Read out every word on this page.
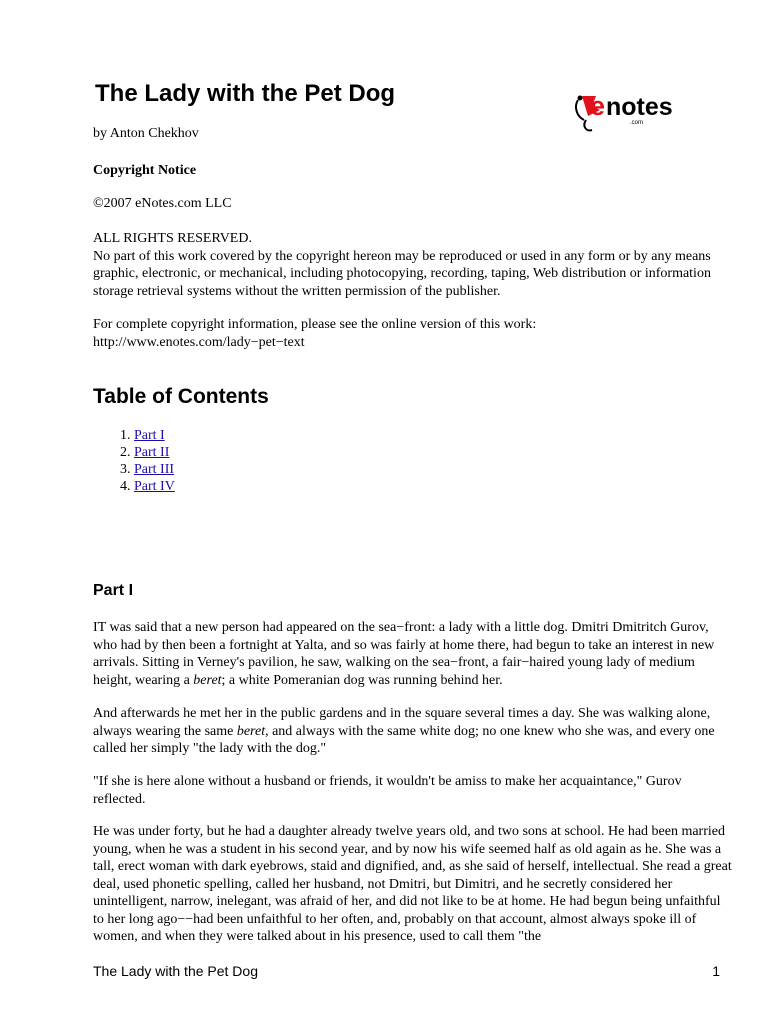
The Lady with the Pet Dog	e notes
.com

by Anton Chekhov

Copyright Notice

©2007 eNotes.com LLC

ALL RIGHTS RESERVED.
No part of this work covered by the copyright hereon may be reproduced or used in any form or by any means graphic, electronic, or mechanical, including photocopying, recording, taping, Web distribution or information storage retrieval systems without the written permission of the publisher.
For complete copyright information, please see the online version of this work:
http://www.enotes.com/lady−pet−text
Table of Contents
1. Part I
2. Part II
3. Part III
4. Part IV
Part I

IT was said that a new person had appeared on the sea−front: a lady with a little dog. Dmitri Dmitritch Gurov, who had by then been a fortnight at Yalta, and so was fairly at home there, had begun to take an interest in new arrivals. Sitting in Verney's pavilion, he saw, walking on the sea−front, a fair−haired young lady of medium height, wearing a beret; a white Pomeranian dog was running behind her.

And afterwards he met her in the public gardens and in the square several times a day. She was walking alone, always wearing the same beret, and always with the same white dog; no one knew who she was, and every one called her simply "the lady with the dog."

"If she is here alone without a husband or friends, it wouldn't be amiss to make her acquaintance," Gurov reflected.

He was under forty, but he had a daughter already twelve years old, and two sons at school. He had been married young, when he was a student in his second year, and by now his wife seemed half as old again as he. She was a tall, erect woman with dark eyebrows, staid and dignified, and, as she said of herself, intellectual. She read a great deal, used phonetic spelling, called her husband, not Dmitri, but Dimitri, and he secretly considered her unintelligent, narrow, inelegant, was afraid of her, and did not like to be at home. He had begun being unfaithful to her long ago−−had been unfaithful to her often, and, probably on that account, almost always spoke ill of women, and when they were talked about in his presence, used to call them "the

The Lady with the Pet Dog	1
